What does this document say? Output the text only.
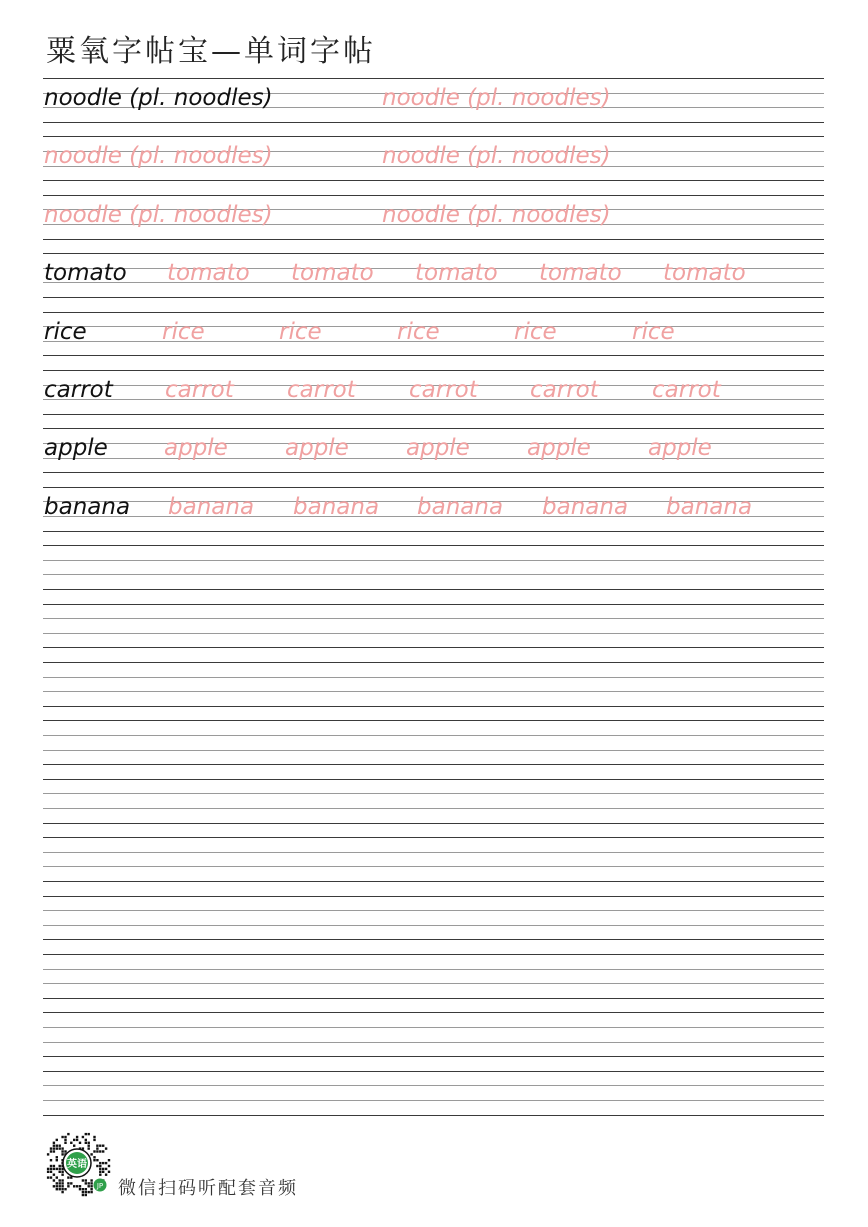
粟氧字帖宝—单词字帖
noodle (pl. noodles)	noodle (pl. noodles)
noodle (pl. noodles)	noodle (pl. noodles)
noodle (pl. noodles)	noodle (pl. noodles)
tomato tomato tomato tomato tomato tomato
rice	rice	rice	rice	rice	rice
carrot carrot carrot carrot carrot carrot
apple apple apple apple apple apple
banana banana banana banana banana banana
英语
JP 微信扫码听配套音频
